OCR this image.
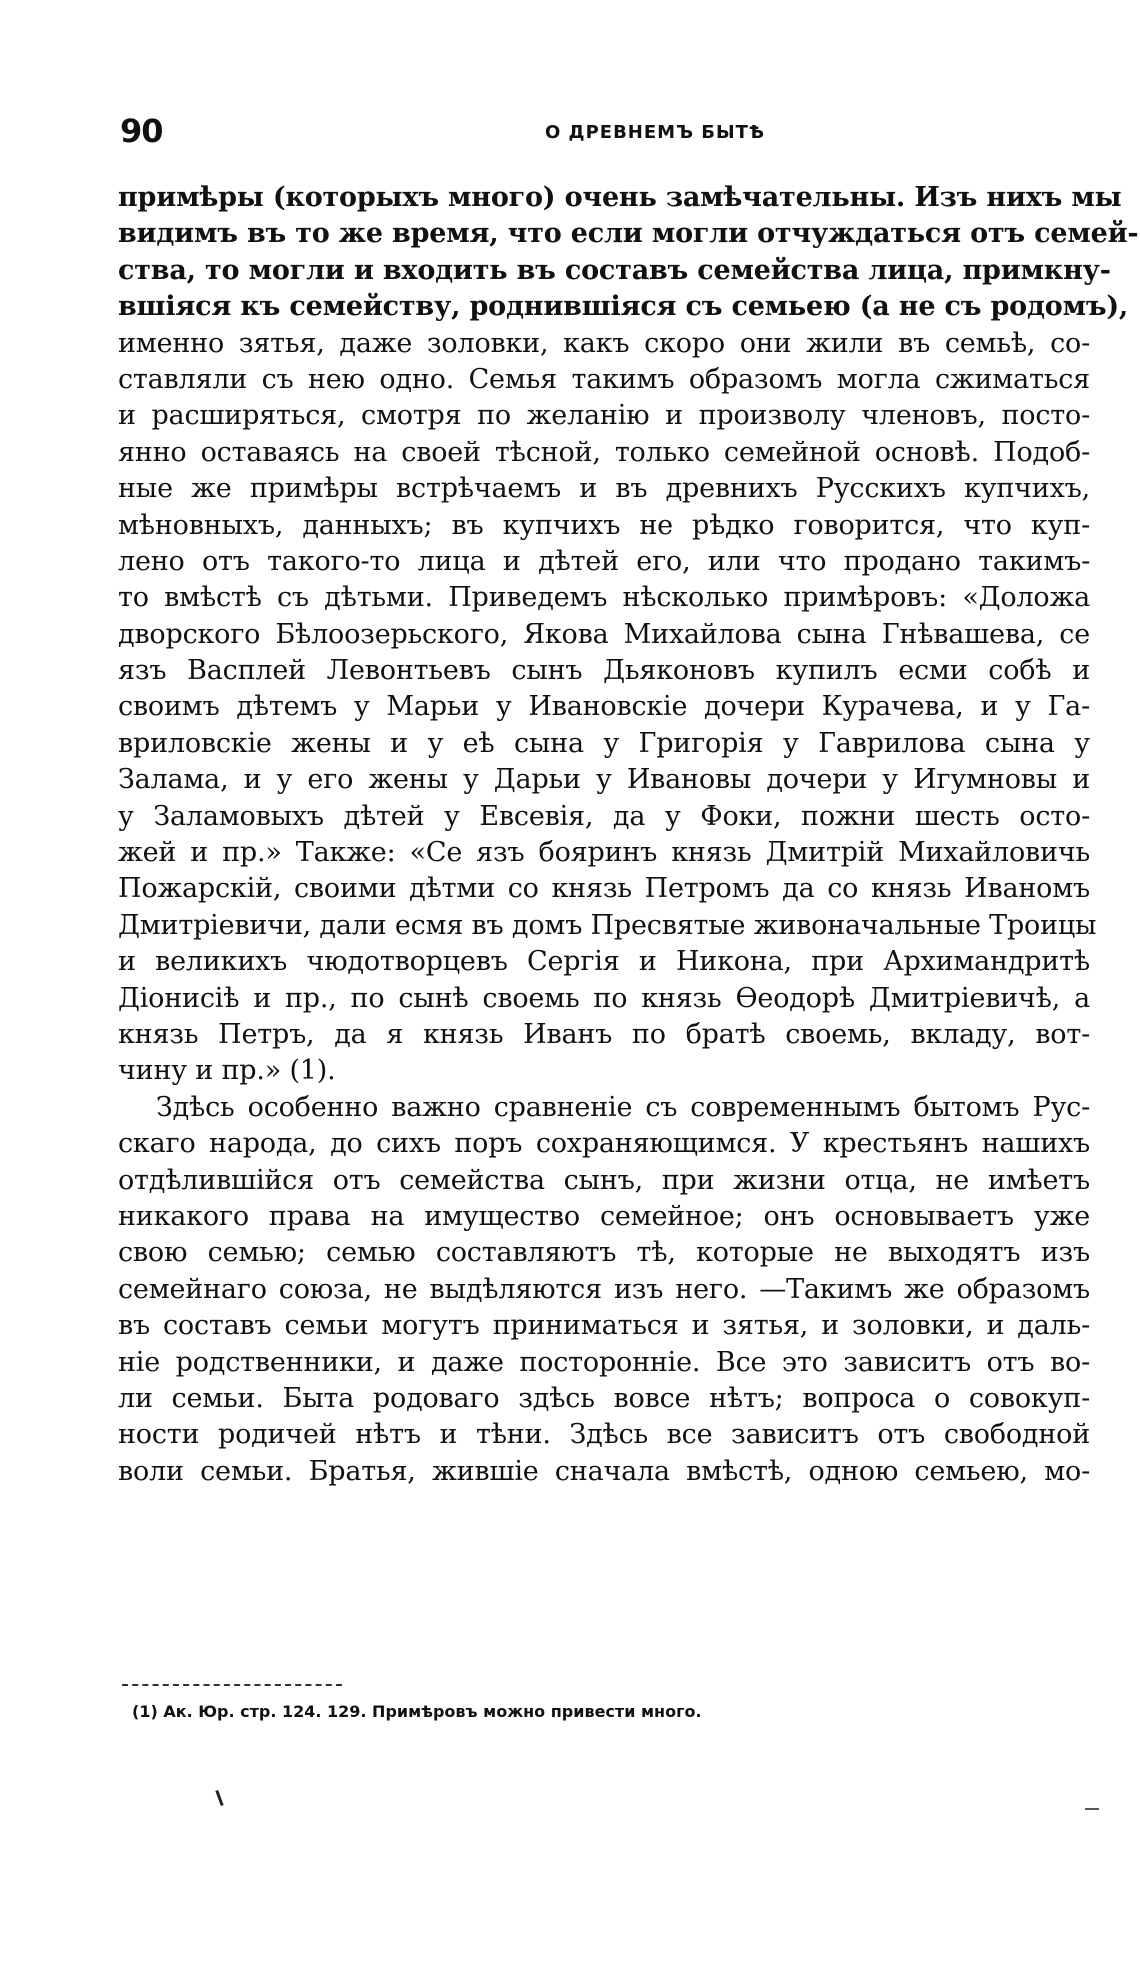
90	О ДРЕВНЕМЪ БЫТѢ
примѣры (которыхъ много) очень замѣчательны. Изъ нихъ мы
видимъ въ то же время, что если могли отчуждаться отъ семей-
ства, то могли и входить въ составъ семейства лица, примкну-
вшіяся къ семейству, роднившіяся съ семьею (а не съ родомъ),
именно зятья, даже золовки, какъ скоро они жили въ семьѣ, со-
ставляли съ нею одно. Семья такимъ образомъ могла сжиматься
и расширяться, смотря по желанію и произволу членовъ, посто-
янно оставаясь на своей тѣсной, только семейной основѣ. Подоб-
ные же примѣры встрѣчаемъ и въ древнихъ Русскихъ купчихъ,
мѣновныхъ, данныхъ; въ купчихъ не рѣдко говорится, что куп-
лено отъ такого-то лица и дѣтей его, или что продано такимъ-
то вмѣстѣ съ дѣтьми. Приведемъ нѣсколько примѣровъ: «Доложа
дворского Бѣлоозерьского, Якова Михайлова сына Гнѣвашева, се
язъ Васплей Левонтьевъ сынъ Дьяконовъ купилъ есми собѣ и
своимъ дѣтемъ у Марьи у Ивановскіе дочери Курачева, и у Га-
вриловскіе жены и у еѣ сына у Григорія у Гаврилова сына у
Залама, и у его жены у Дарьи у Ивановы дочери у Игумновы и
у Заламовыхъ дѣтей у Евсевія, да у Фоки, пожни шесть осто-
жей и пр.» Также: «Се язъ бояринъ князь Дмитрій Михайловичь
Пожарскій, своими дѣтми со князь Петромъ да со князь Иваномъ
Дмитріевичи, дали есмя въ домъ Пресвятые живоначальные Троицы
и великихъ чюдотворцевъ Сергія и Никона, при Архимандритѣ
Діонисіѣ и пр., по сынѣ своемь по князь Ѳеодорѣ Дмитріевичѣ, а
князь Петръ, да я князь Иванъ по братѣ своемь, вкладу, вот-
чину и пр.» (1).
Здѣсь особенно важно сравненіе съ современнымъ бытомъ Рус-
скаго народа, до сихъ поръ сохраняющимся. У крестьянъ нашихъ
отдѣлившійся отъ семейства сынъ, при жизни отца, не имѣетъ
никакого права на имущество семейное; онъ основываетъ уже
свою семью; семью составляютъ тѣ, которые не выходятъ изъ
семейнаго союза, не выдѣляются изъ него. —Такимъ же образомъ
въ составъ семьи могутъ приниматься и зятья, и золовки, и даль-
ніе родственники, и даже посторонніе. Все это зависитъ отъ во-
ли семьи. Быта родоваго здѣсь вовсе нѣтъ; вопроса о совокуп-
ности родичей нѣтъ и тѣни. Здѣсь все зависитъ отъ свободной
воли семьи. Братья, жившіе сначала вмѣстѣ, одною семьею, мо-
(1) Ак. Юр. стр. 124. 129. Примѣровъ можно привести много.
